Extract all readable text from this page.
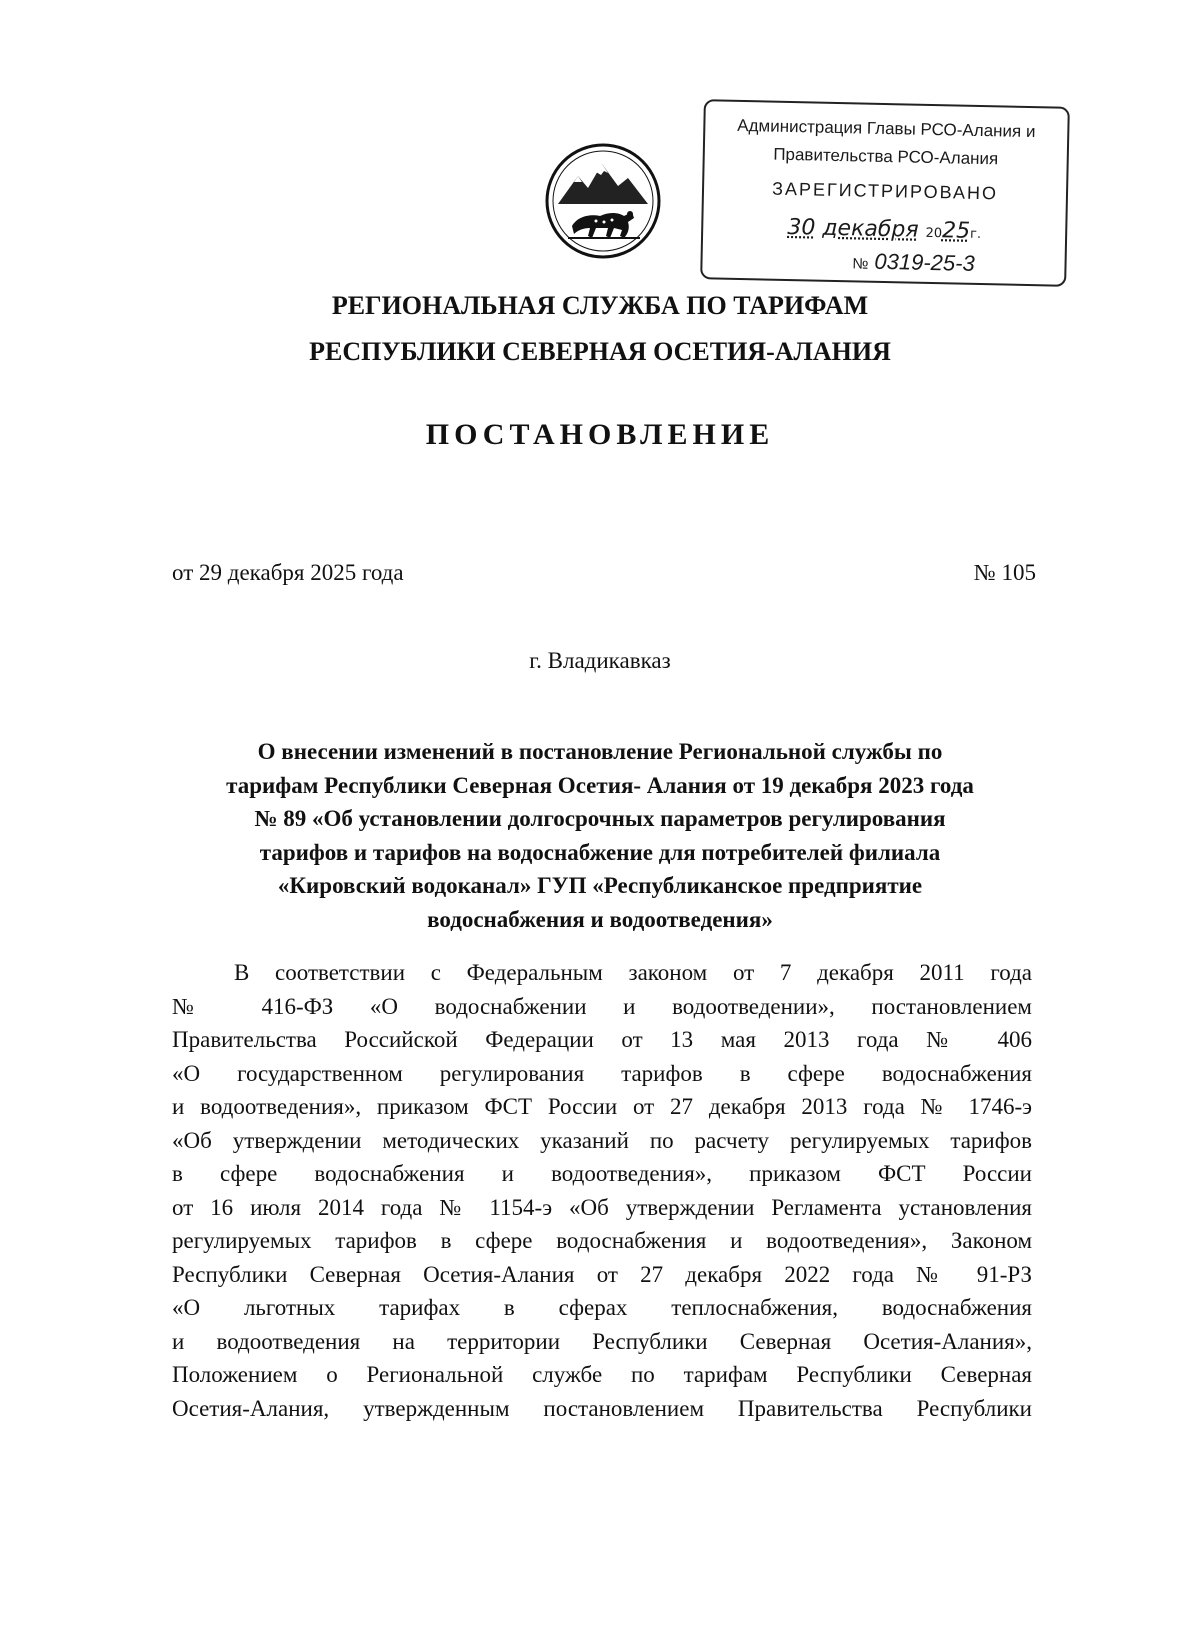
Администрация Главы РСО-Алания и
Правительства РСО-Алания
ЗАРЕГИСТРИРОВАНО
30 декабря 2025г.
№ 0319-25-3
РЕГИОНАЛЬНАЯ СЛУЖБА ПО ТАРИФАМ
РЕСПУБЛИКИ СЕВЕРНАЯ ОСЕТИЯ-АЛАНИЯ
ПОСТАНОВЛЕНИЕ
от 29 декабря 2025 года	№ 105
г. Владикавказ
О внесении изменений в постановление Региональной службы по
тарифам Республики Северная Осетия- Алания от 19 декабря 2023 года
№ 89 «Об установлении долгосрочных параметров регулирования
тарифов и тарифов на водоснабжение для потребителей филиала
«Кировский водоканал» ГУП «Республиканское предприятие
водоснабжения и водоотведения»
В соответствии с Федеральным законом от 7 декабря 2011 года
№ 416-ФЗ «О водоснабжении и водоотведении», постановлением
Правительства Российской Федерации от 13 мая 2013 года № 406
«О государственном регулирования тарифов в сфере водоснабжения
и водоотведения», приказом ФСТ России от 27 декабря 2013 года № 1746-э
«Об утверждении методических указаний по расчету регулируемых тарифов
в сфере водоснабжения и водоотведения», приказом ФСТ России
от 16 июля 2014 года № 1154-э «Об утверждении Регламента установления
регулируемых тарифов в сфере водоснабжения и водоотведения», Законом
Республики Северная Осетия-Алания от 27 декабря 2022 года № 91-РЗ
«О льготных тарифах в сферах теплоснабжения, водоснабжения
и водоотведения на территории Республики Северная Осетия-Алания»,
Положением о Региональной службе по тарифам Республики Северная
Осетия-Алания, утвержденным постановлением Правительства Республики
